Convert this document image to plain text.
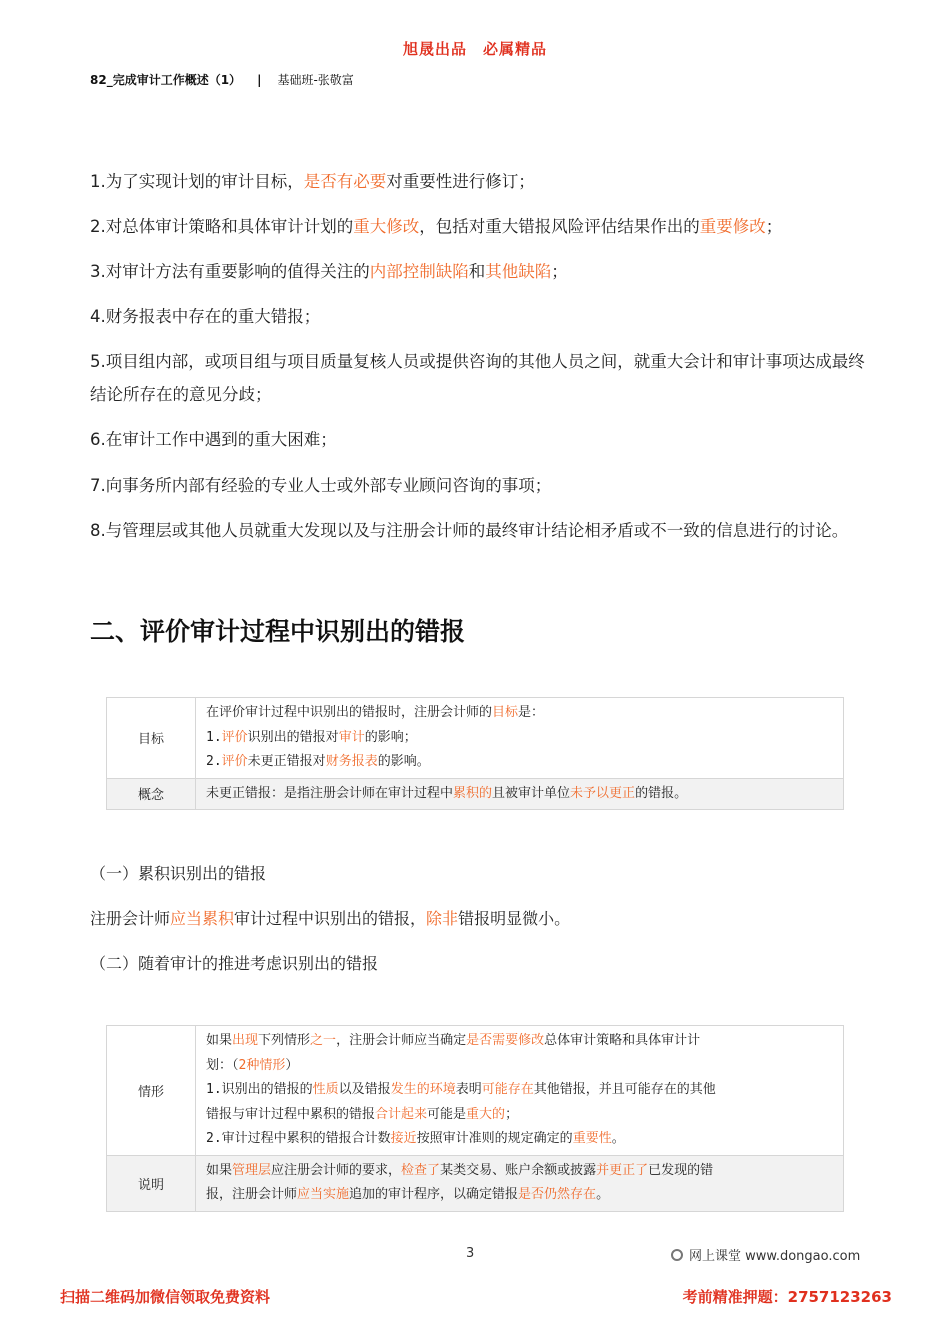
旭晟出品　必属精品
82_完成审计工作概述（1） | 基础班-张敬富
1.为了实现计划的审计目标，是否有必要对重要性进行修订；
2.对总体审计策略和具体审计计划的重大修改，包括对重大错报风险评估结果作出的重要修改；
3.对审计方法有重要影响的值得关注的内部控制缺陷和其他缺陷；
4.财务报表中存在的重大错报；
5.项目组内部，或项目组与项目质量复核人员或提供咨询的其他人员之间，就重大会计和审计事项达成最终结论所存在的意见分歧；
6.在审计工作中遇到的重大困难；
7.向事务所内部有经验的专业人士或外部专业顾问咨询的事项；
8.与管理层或其他人员就重大发现以及与注册会计师的最终审计结论相矛盾或不一致的信息进行的讨论。
二、评价审计过程中识别出的错报
目标	在评价审计过程中识别出的错报时，注册会计师的目标是：
1.评价识别出的错报对审计的影响；
2.评价未更正错报对财务报表的影响。

概念	未更正错报：是指注册会计师在审计过程中累积的且被审计单位未予以更正的错报。
（一）累积识别出的错报
注册会计师应当累积审计过程中识别出的错报，除非错报明显微小。
（二）随着审计的推进考虑识别出的错报
情形	如果出现下列情形之一，注册会计师应当确定是否需要修改总体审计策略和具体审计计
划：（2种情形）
1.识别出的错报的性质以及错报发生的环境表明可能存在其他错报，并且可能存在的其他
错报与审计过程中累积的错报合计起来可能是重大的；
2.审计过程中累积的错报合计数接近按照审计准则的规定确定的重要性。

说明	如果管理层应注册会计师的要求，检查了某类交易、账户余额或披露并更正了已发现的错
报，注册会计师应当实施追加的审计程序，以确定错报是否仍然存在。
3	网上课堂 www.dongao.com
扫描二维码加微信领取免费资料	考前精准押题：2757123263
